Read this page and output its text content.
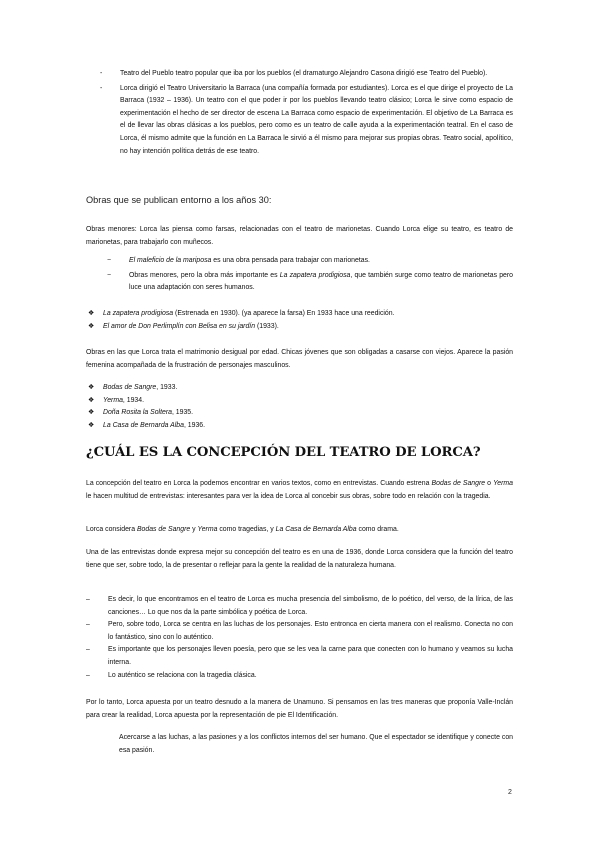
-	Teatro del Pueblo teatro popular que iba por los pueblos (el dramaturgo Alejandro Casona dirigió ese Teatro del Pueblo).
-	Lorca dirigió el Teatro Universitario la Barraca (una compañía formada por estudiantes). Lorca es el que dirige el proyecto de La Barraca (1932 – 1936). Un teatro con el que poder ir por los pueblos llevando teatro clásico; Lorca le sirve como espacio de experimentación el hecho de ser director de escena La Barraca como espacio de experimentación. El objetivo de La Barraca es el de llevar las obras clásicas a los pueblos, pero como es un teatro de calle ayuda a la experimentación teatral. En el caso de Lorca, él mismo admite que la función en La Barraca le sirvió a él mismo para mejorar sus propias obras. Teatro social, apolítico, no hay intención política detrás de ese teatro.
Obras que se publican entorno a los años 30:
Obras menores: Lorca las piensa como farsas, relacionadas con el teatro de marionetas. Cuando Lorca elige su teatro, es teatro de marionetas, para trabajarlo con muñecos.
−	El maleficio de la mariposa es una obra pensada para trabajar con marionetas.
−	Obras menores, pero la obra más importante es La zapatera prodigiosa, que también surge como teatro de marionetas pero luce una adaptación con seres humanos.
❖ La zapatera prodigiosa (Estrenada en 1930). (ya aparece la farsa) En 1933 hace una reedición.
❖ El amor de Don Perlimplín con Belisa en su jardín (1933).
Obras en las que Lorca trata el matrimonio desigual por edad. Chicas jóvenes que son obligadas a casarse con viejos. Aparece la pasión femenina acompañada de la frustración de personajes masculinos.
❖ Bodas de Sangre, 1933.
❖ Yerma, 1934.
❖ Doña Rosita la Soltera, 1935.
❖ La Casa de Bernarda Alba, 1936.
¿CUÁL ES LA CONCEPCIÓN DEL TEATRO DE LORCA?
La concepción del teatro en Lorca la podemos encontrar en varios textos, como en entrevistas. Cuando estrena Bodas de Sangre o Yerma le hacen multitud de entrevistas: interesantes para ver la idea de Lorca al concebir sus obras, sobre todo en relación con la tragedia.
Lorca considera Bodas de Sangre y Yerma como tragedias, y La Casa de Bernarda Alba como drama.
Una de las entrevistas donde expresa mejor su concepción del teatro es en una de 1936, donde Lorca considera que la función del teatro tiene que ser, sobre todo, la de presentar o reflejar para la gente la realidad de la naturaleza humana.
–	Es decir, lo que encontramos en el teatro de Lorca es mucha presencia del simbolismo, de lo poético, del verso, de la lírica, de las canciones… Lo que nos da la parte simbólica y poética de Lorca.
–	Pero, sobre todo, Lorca se centra en las luchas de los personajes. Esto entronca en cierta manera con el realismo. Conecta no con lo fantástico, sino con lo auténtico.
–	Es importante que los personajes lleven poesía, pero que se les vea la carne para que conecten con lo humano y veamos su lucha interna.
–	Lo auténtico se relaciona con la tragedia clásica.
Por lo tanto, Lorca apuesta por un teatro desnudo a la manera de Unamuno. Si pensamos en las tres maneras que proponía Valle-Inclán para crear la realidad, Lorca apuesta por la representación de pie El Identificación.
Acercarse a las luchas, a las pasiones y a los conflictos internos del ser humano. Que el espectador se identifique y conecte con esa pasión.
2
